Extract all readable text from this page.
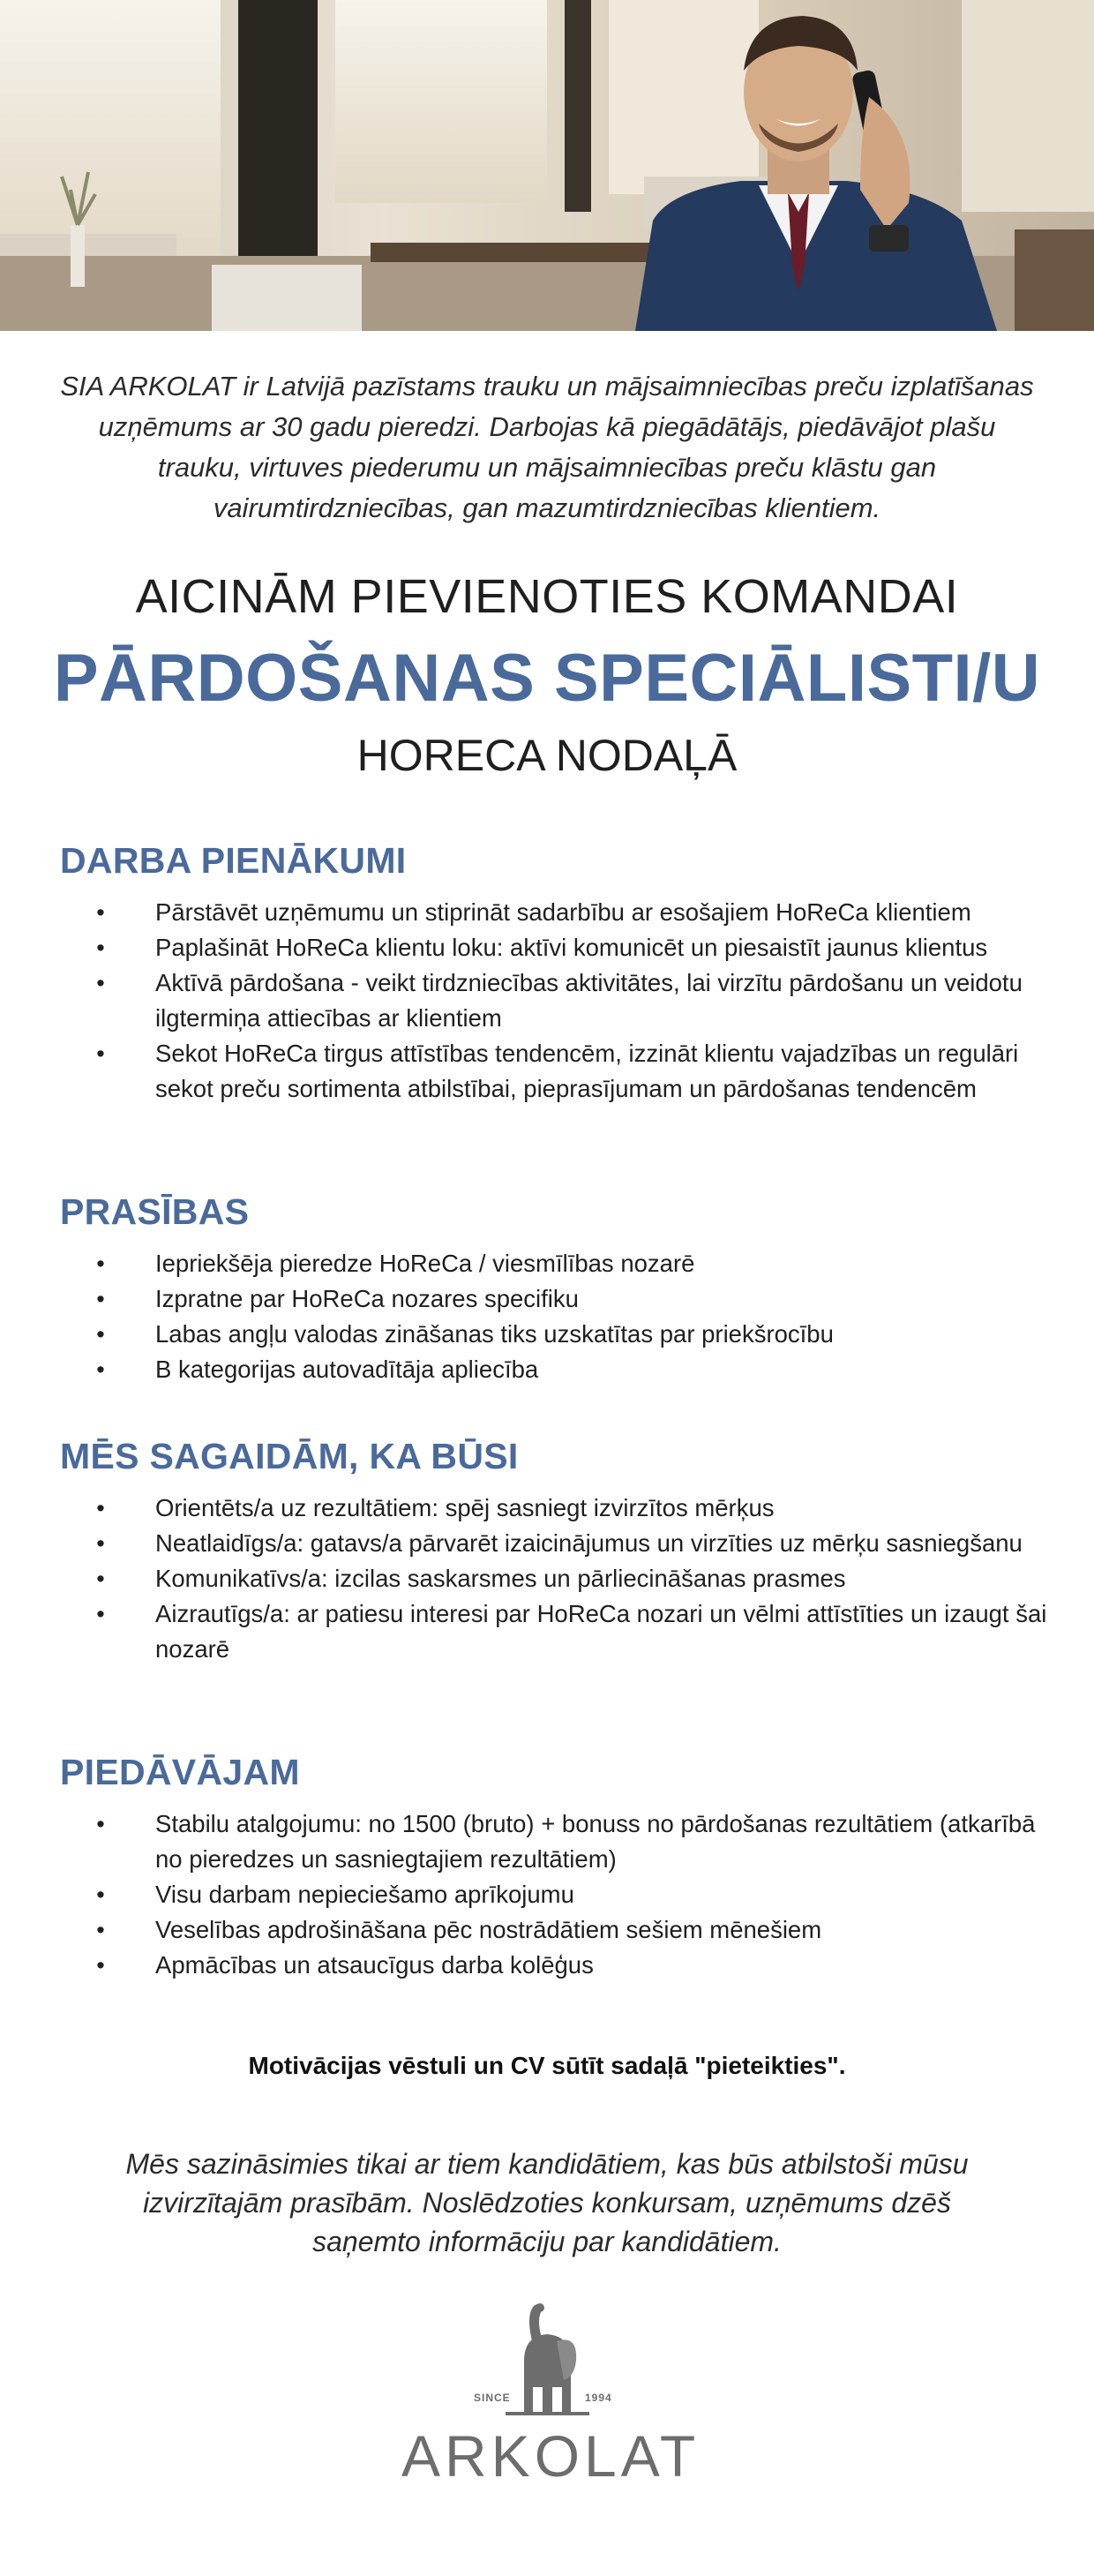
SIA ARKOLAT ir Latvijā pazīstams trauku un mājsaimniecības preču izplatīšanas uzņēmums ar 30 gadu pieredzi. Darbojas kā piegādātājs, piedāvājot plašu trauku, virtuves piederumu un mājsaimniecības preču klāstu gan vairumtirdzniecības, gan mazumtirdzniecības klientiem.
AICINĀM PIEVIENOTIES KOMANDAI
PĀRDOŠANAS SPECIĀLISTI/U
HORECA NODAĻĀ
DARBA PIENĀKUMI
• Pārstāvēt uzņēmumu un stiprināt sadarbību ar esošajiem HoReCa klientiem
• Paplašināt HoReCa klientu loku: aktīvi komunicēt un piesaistīt jaunus klientus
• Aktīvā pārdošana - veikt tirdzniecības aktivitātes, lai virzītu pārdošanu un veidotu ilgtermiņa attiecības ar klientiem
• Sekot HoReCa tirgus attīstības tendencēm, izzināt klientu vajadzības un regulāri sekot preču sortimenta atbilstībai, pieprasījumam un pārdošanas tendencēm
PRASĪBAS
• Iepriekšēja pieredze HoReCa / viesmīlības nozarē
• Izpratne par HoReCa nozares specifiku
• Labas angļu valodas zināšanas tiks uzskatītas par priekšrocību
• B kategorijas autovadītāja apliecība
MĒS SAGAIDĀM, KA BŪSI
• Orientēts/a uz rezultātiem: spēj sasniegt izvirzītos mērķus
• Neatlaidīgs/a: gatavs/a pārvarēt izaicinājumus un virzīties uz mērķu sasniegšanu
• Komunikatīvs/a: izcilas saskarsmes un pārliecināšanas prasmes
• Aizrautīgs/a: ar patiesu interesi par HoReCa nozari un vēlmi attīstīties un izaugt šai nozarē
PIEDĀVĀJAM
• Stabilu atalgojumu: no 1500 (bruto) + bonuss no pārdošanas rezultātiem (atkarībā no pieredzes un sasniegtajiem rezultātiem)
• Visu darbam nepieciešamo aprīkojumu
• Veselības apdrošināšana pēc nostrādātiem sešiem mēnešiem
• Apmācības un atsaucīgus darba kolēģus
Motivācijas vēstuli un CV sūtīt sadaļā "pieteikties".
Mēs sazināsimies tikai ar tiem kandidātiem, kas būs atbilstoši mūsu izvirzītajām prasībām. Noslēdzoties konkursam, uzņēmums dzēš saņemto informāciju par kandidātiem.
SINCE	1994
ARKOLAT
